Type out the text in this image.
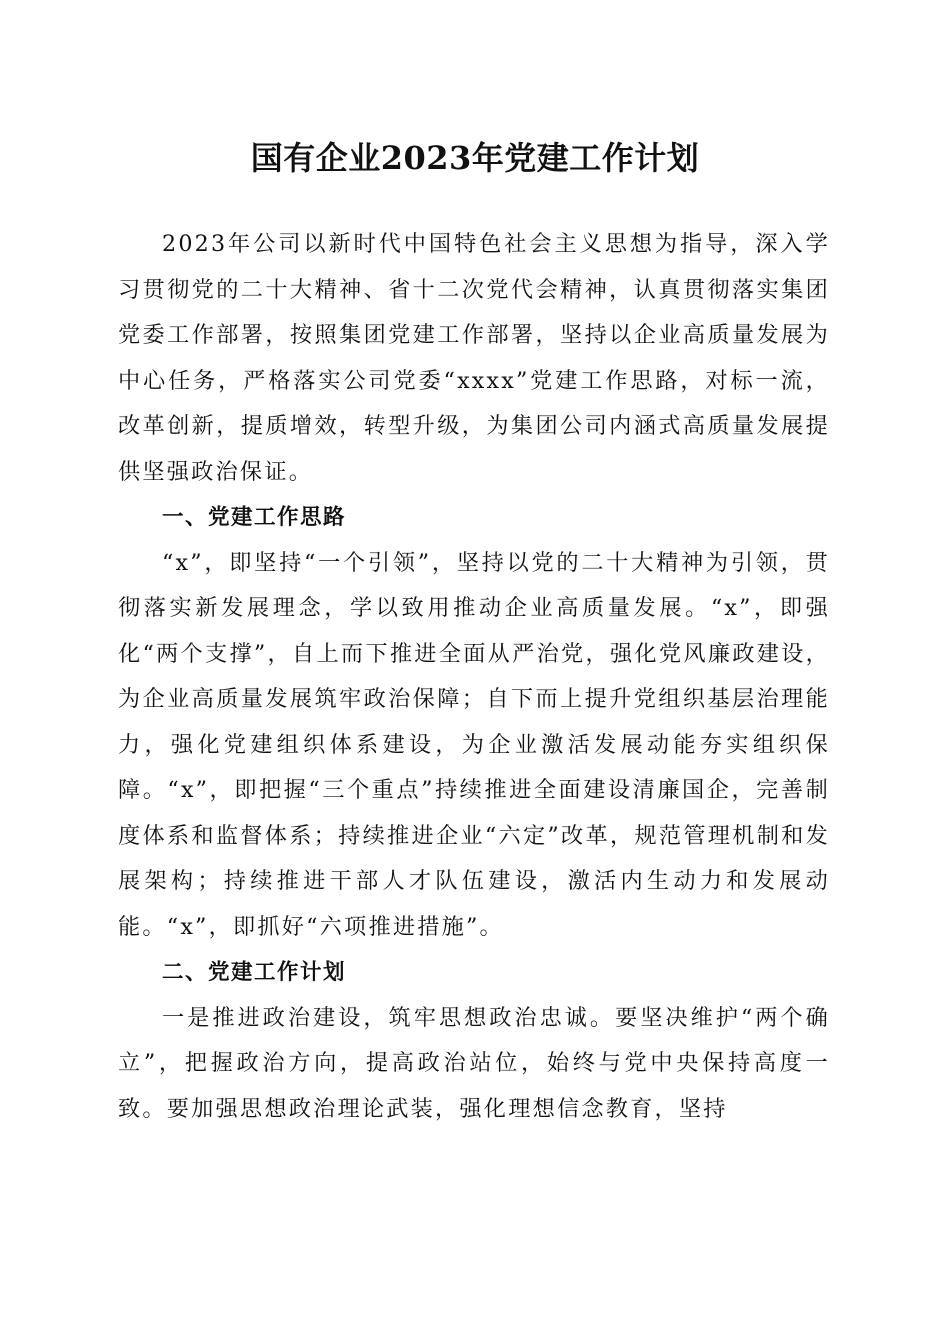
国有企业2023年党建工作计划

2023年公司以新时代中国特色社会主义思想为指导，深入学习贯彻党的二十大精神、省十二次党代会精神，认真贯彻落实集团党委工作部署，按照集团党建工作部署，坚持以企业高质量发展为中心任务，严格落实公司党委“xxxx”党建工作思路，对标一流，改革创新，提质增效，转型升级，为集团公司内涵式高质量发展提供坚强政治保证。

一、党建工作思路

“x”，即坚持“一个引领”，坚持以党的二十大精神为引领，贯彻落实新发展理念，学以致用推动企业高质量发展。“x”，即强化“两个支撑”，自上而下推进全面从严治党，强化党风廉政建设，为企业高质量发展筑牢政治保障；自下而上提升党组织基层治理能力，强化党建组织体系建设，为企业激活发展动能夯实组织保障。“x”，即把握“三个重点”持续推进全面建设清廉国企，完善制度体系和监督体系；持续推进企业“六定”改革，规范管理机制和发展架构；持续推进干部人才队伍建设，激活内生动力和发展动能。“x”，即抓好“六项推进措施”。

二、党建工作计划

一是推进政治建设，筑牢思想政治忠诚。要坚决维护“两个确立”，把握政治方向，提高政治站位，始终与党中央保持高度一致。要加强思想政治理论武装，强化理想信念教育，坚持
